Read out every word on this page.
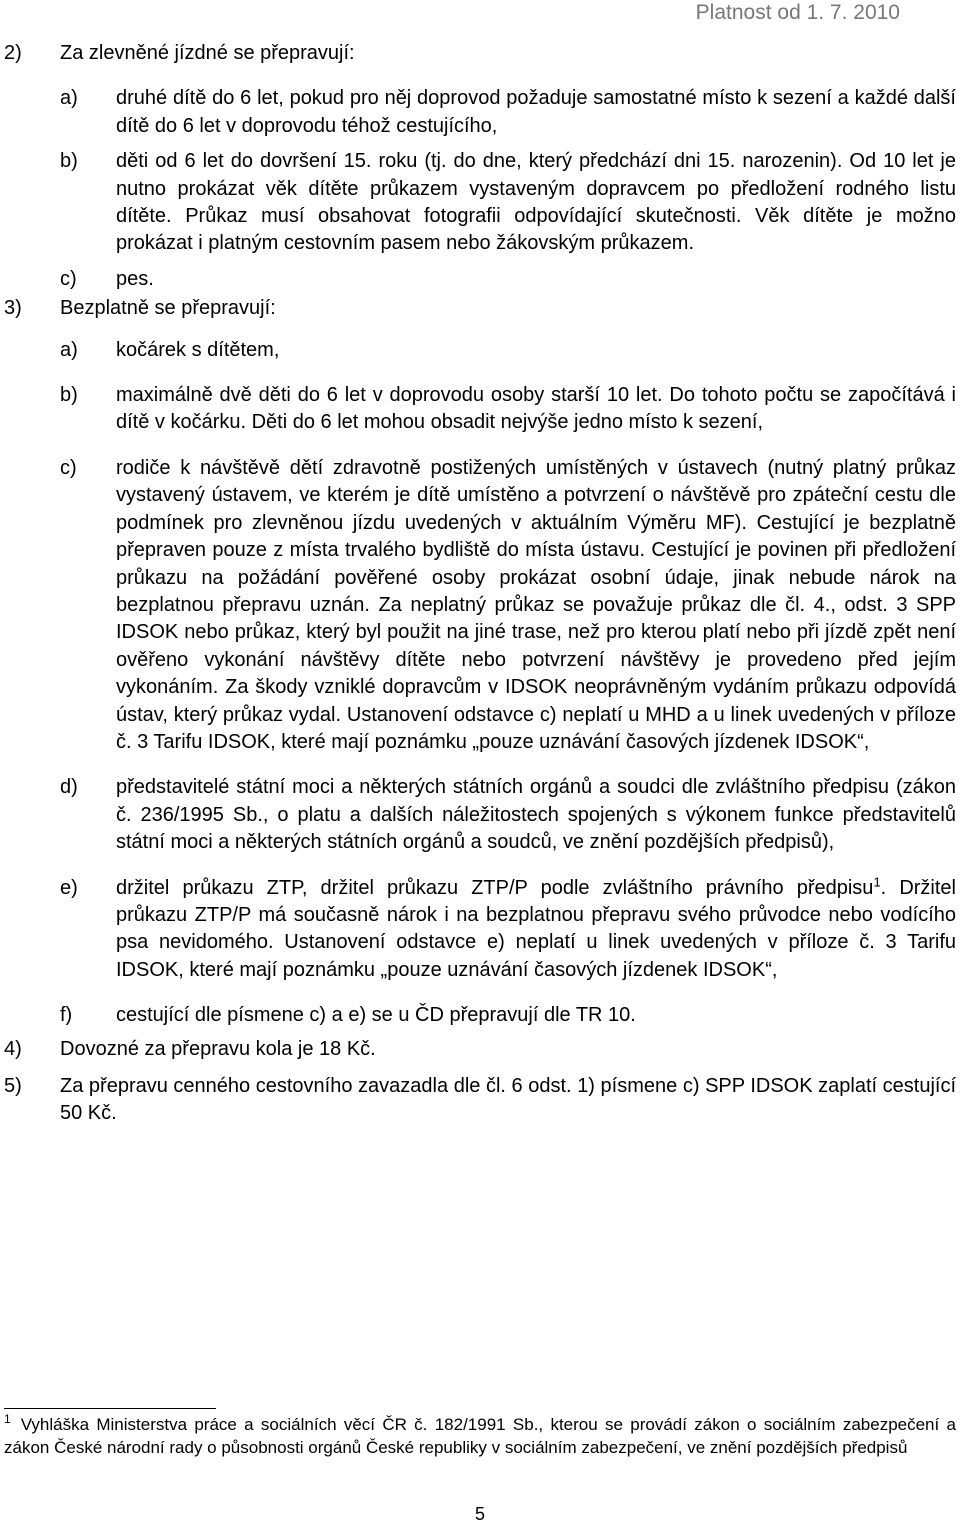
Platnost od 1. 7. 2010
2)	Za zlevněné jízdné se přepravují:
a)	druhé dítě do 6 let, pokud pro něj doprovod požaduje samostatné místo k sezení a každé další dítě do 6 let v doprovodu téhož cestujícího,
b)	děti od 6 let do dovršení 15. roku (tj. do dne, který předchází dni 15. narozenin). Od 10 let je nutno prokázat věk dítěte průkazem vystaveným dopravcem po předložení rodného listu dítěte. Průkaz musí obsahovat fotografii odpovídající skutečnosti. Věk dítěte je možno prokázat i platným cestovním pasem nebo žákovským průkazem.
c)	pes.
3)	Bezplatně se přepravují:
a)	kočárek s dítětem,
b)	maximálně dvě děti do 6 let v doprovodu osoby starší 10 let. Do tohoto počtu se započítává i dítě v kočárku. Děti do 6 let mohou obsadit nejvýše jedno místo k sezení,
c)	rodiče k návštěvě dětí zdravotně postižených umístěných v ústavech (nutný platný průkaz vystavený ústavem, ve kterém je dítě umístěno a potvrzení o návštěvě pro zpáteční cestu dle podmínek pro zlevněnou jízdu uvedených v aktuálním Výměru MF). Cestující je bezplatně přepraven pouze z místa trvalého bydliště do místa ústavu. Cestující je povinen při předložení průkazu na požádání pověřené osoby prokázat osobní údaje, jinak nebude nárok na bezplatnou přepravu uznán. Za neplatný průkaz se považuje průkaz dle čl. 4., odst. 3 SPP IDSOK nebo průkaz, který byl použit na jiné trase, než pro kterou platí nebo při jízdě zpět není ověřeno vykonání návštěvy dítěte nebo potvrzení návštěvy je provedeno před jejím vykonáním. Za škody vzniklé dopravcům v IDSOK neoprávněným vydáním průkazu odpovídá ústav, který průkaz vydal. Ustanovení odstavce c) neplatí u MHD a u linek uvedených v příloze č. 3 Tarifu IDSOK, které mají poznámku „pouze uznávání časových jízdenek IDSOK“,
d)	představitelé státní moci a některých státních orgánů a soudci dle zvláštního předpisu (zákon č. 236/1995 Sb., o platu a dalších náležitostech spojených s výkonem funkce představitelů státní moci a některých státních orgánů a soudců, ve znění pozdějších předpisů),
e)	držitel průkazu ZTP, držitel průkazu ZTP/P podle zvláštního právního předpisu$^1$. Držitel průkazu ZTP/P má současně nárok i na bezplatnou přepravu svého průvodce nebo vodícího psa nevidomého. Ustanovení odstavce e) neplatí u linek uvedených v příloze č. 3 Tarifu IDSOK, které mají poznámku „pouze uznávání časových jízdenek IDSOK“,
f)	cestující dle písmene c) a e) se u ČD přepravují dle TR 10.
4)	Dovozné za přepravu kola je 18 Kč.
5)	Za přepravu cenného cestovního zavazadla dle čl. 6 odst. 1) písmene c) SPP IDSOK zaplatí cestující 50 Kč.
$^1$ Vyhláška Ministerstva práce a sociálních věcí ČR č. 182/1991 Sb., kterou se provádí zákon o sociálním zabezpečení a zákon České národní rady o působnosti orgánů České republiky v sociálním zabezpečení, ve znění pozdějších předpisů
5
